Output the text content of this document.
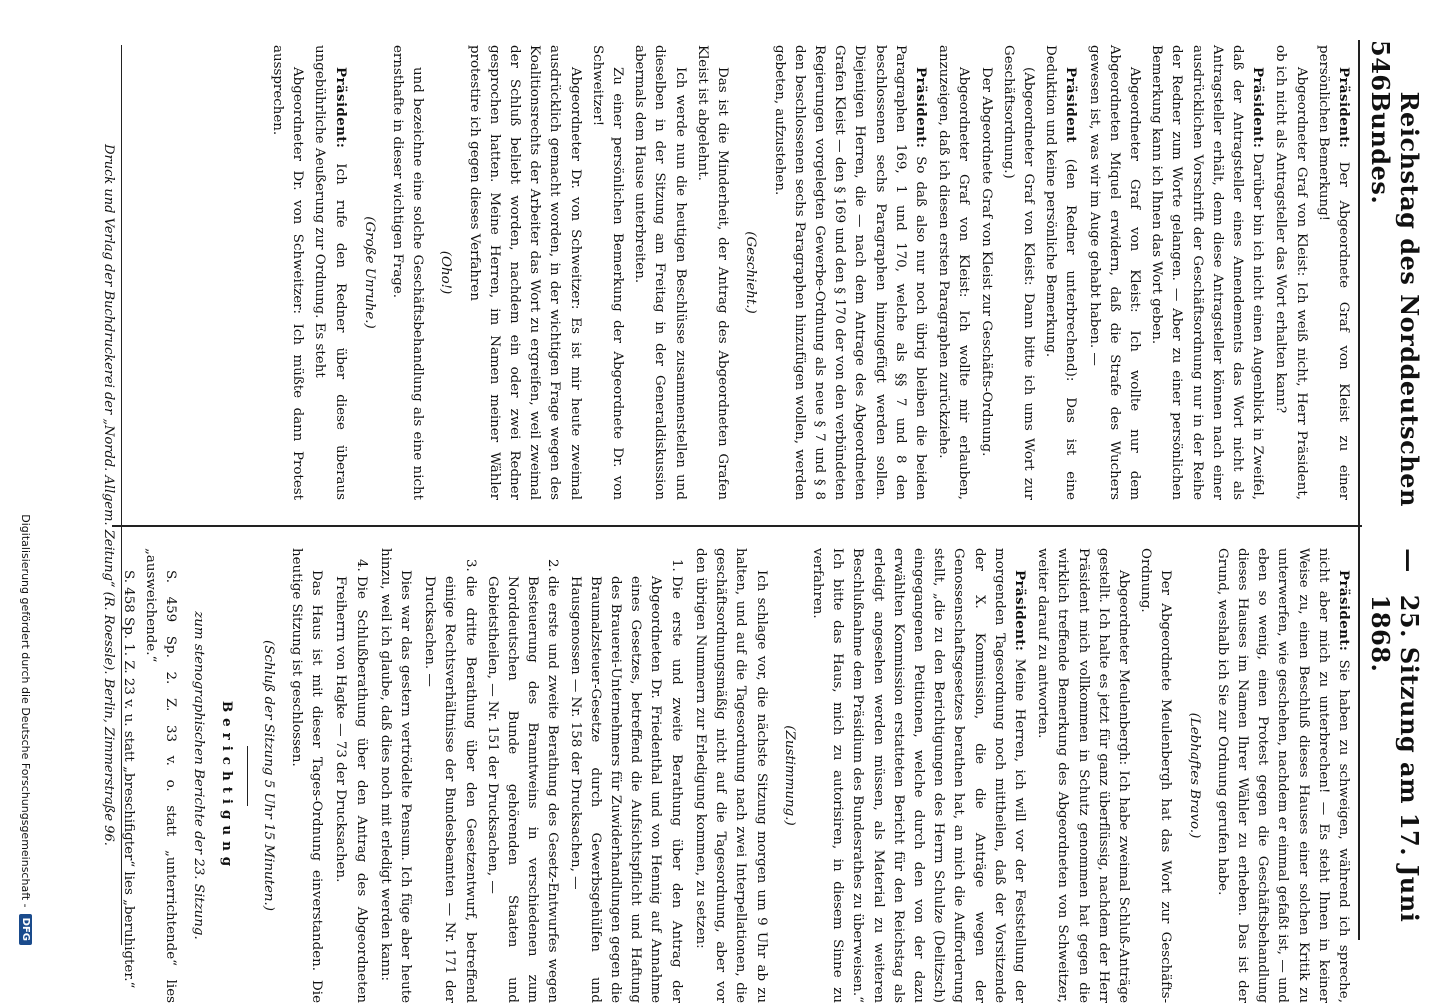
546
Reichstag des Norddeutschen Bundes.
—
25. Sitzung am 17. Juni 1868.

Präsident: Der Abgeordnete Graf von Kleist zu einer persönlichen Bemerkung!

Abgeordneter Graf von Kleist: Ich weiß nicht, Herr Präsident, ob ich nicht als Antragsteller das Wort erhalten kann?

Präsident: Darüber bin ich nicht einen Augenblick in Zweifel, daß der Antragsteller eines Amendements das Wort nicht als Antragsteller erhält, denn diese Antragsteller können nach einer ausdrücklichen Vorschrift der Geschäftsordnung nur in der Reihe der Redner zum Worte gelangen. — Aber zu einer persönlichen Bemerkung kann ich Ihnen das Wort geben.

Abgeordneter Graf von Kleist: Ich wollte nur dem Abgeordneten Miquel erwidern, daß die Strafe des Wuchers gewesen ist, was wir im Auge gehabt haben. —

Präsident (den Redner unterbrechend): Das ist eine Deduktion und keine persönliche Bemerkung.

(Abgeordneter Graf von Kleist: Dann bitte ich ums Wort zur Geschäftsordnung.)

Der Abgeordnete Graf von Kleist zur Geschäfts-Ordnung.

Abgeordneter Graf von Kleist: Ich wollte mir erlauben, anzuzeigen, daß ich diesen ersten Paragraphen zurückziehe.

Präsident: So daß also nur noch übrig bleiben die beiden Paragraphen 169, 1 und 170, welche als §§ 7 und 8 den beschlossenen sechs Paragraphen hinzugefügt werden sollen. Diejenigen Herren, die — nach dem Antrage des Abgeordneten Grafen Kleist — den § 169 und den § 170 der von den verbündeten Regierungen vorgelegten Gewerbe-Ordnung als neue § 7 und § 8 den beschlossenen sechs Paragraphen hinzufügen wollen, werden gebeten, aufzustehen.

(Geschieht.)

Das ist die Minderheit, der Antrag des Abgeordneten Grafen Kleist ist abgelehnt.

Ich werde nun die heutigen Beschlüsse zusammenstellen und dieselben in der Sitzung am Freitag in der Generaldiskussion abermals dem Hause unterbreiten.

Zu einer persönlichen Bemerkung der Abgeordnete Dr. von Schweitzer!

Abgeordneter Dr. von Schweitzer: Es ist mir heute zweimal ausdrücklich gemacht worden, in der wichtigen Frage wegen des Koalitionsrechts der Arbeiter das Wort zu ergreifen, weil zweimal der Schluß beliebt worden, nachdem ein oder zwei Redner gesprochen hatten. Meine Herren, im Namen meiner Wähler protestire ich gegen dieses Verfahren

(Oho!)

und bezeichne eine solche Geschäftsbehandlung als eine nicht ernsthafte in dieser wichtigen Frage.

(Große Unruhe.)

Präsident: Ich rufe den Redner über diese überaus ungebührliche Aeußerung zur Ordnung. Es steht

Abgeordneter Dr. von Schweitzer: Ich müßte dann Protest aussprechen.

Präsident: Sie haben zu schweigen, während ich spreche, nicht aber mich zu unterbrechen! — Es steht Ihnen in keiner Weise zu, einen Beschluß dieses Hauses einer solchen Kritik zu unterwerfen, wie geschehen, nachdem er einmal gefaßt ist, — und eben so wenig, einen Protest gegen die Geschäftsbehandlung dieses Hauses im Namen Ihrer Wähler zu erheben. Das ist der Grund, weshalb ich Sie zur Ordnung gerufen habe.

(Lebhaftes Bravo.)

Der Abgeordnete Meulenbergh hat das Wort zur Geschäfts-Ordnung.

Abgeordneter Meulenbergh: Ich habe zweimal Schluß-Anträge gestellt. Ich halte es jetzt für ganz überflüssig, nachdem der Herr Präsident mich vollkommen in Schutz genommen hat gegen die wirklich treffende Bemerkung des Abgeordneten von Schweitzer, weiter darauf zu antworten.

Präsident: Meine Herren, ich will vor der Feststellung der morgenden Tagesordnung noch mittheilen, daß der Vorsitzende der X. Kommission, die die Anträge wegen der Genossenschaftsgesetzes berathen hat, an mich die Aufforderung stellt, „die zu den Berichtigungen des Herrn Schulze (Delitzsch) eingegangenen Petitionen, welche durch den von der dazu erwählten Kommission erstatteten Bericht für den Reichstag als erledigt angesehen werden müssen, als Material zu weiteren Beschlußnahme dem Präsidium des Bundesrathes zu überweisen.“ Ich bitte das Haus, mich zu autorisiren, in diesem Sinne zu verfahren.

(Zustimmung.)

Ich schlage vor, die nächste Sitzung morgen um 9 Uhr ab zu halten, und auf die Tagesordnung nach zwei Interpellationen, die geschäftsordnungsmäßig nicht auf die Tagesordnung, aber vor den übrigen Nummern zur Erledigung kommen, zu setzen:

1. Die erste und zweite Berathung über den Antrag der Abgeordneten Dr. Friedenthal und von Hennig auf Annahme eines Gesetzes, betreffend die Aufsichtspflicht und Haftung des Brauerei-Unternehmers für Zuwiderhandlungen gegen die Braumalzsteuer-Gesetze durch Gewerbsgehülfen und Hausgenossen — Nr. 158 der Drucksachen, —
2. die erste und zweite Berathung des Gesetz-Entwurfes wegen Besteuerung des Branntweins in verschiedenen zum Norddeutschen Bunde gehörenden Staaten und Gebietstheilen, — Nr. 151 der Drucksachen, —
3. die dritte Berathung über den Gesetzentwurf, betreffend einige Rechtsverhältnisse der Bundesbeamten — Nr. 171 der Drucksachen. —

Dies war das gestern vertrödelte Pensum. Ich füge aber heute hinzu, weil ich glaube, daß dies noch mit erledigt werden kann:

4. Die Schlußberathung über den Antrag des Abgeordneten Freiherrn von Hagke — 73 der Drucksachen.

Das Haus ist mit dieser Tages-Ordnung einverstanden. Die heutige Sitzung ist geschlossen.

(Schluß der Sitzung 5 Uhr 15 Minuten.)

Berichtigung

zum stenographischen Berichte der 23. Sitzung.

S. 459 Sp. 2. Z. 33 v. o. statt „unterrichtende“ lies „ausweichende.“

S. 458 Sp. 1. Z. 23 v. u. statt „breschifigter“ lies „beruhigter.“

Druck und Verlag der Buchdruckerei der „Nordd. Allgem. Zeitung“ (R. Roessle). Berlin, Zimmerstraße 96.
Digitalisierung gefördert durch die Deutsche Forschungsgemeinschaft -
DFG
